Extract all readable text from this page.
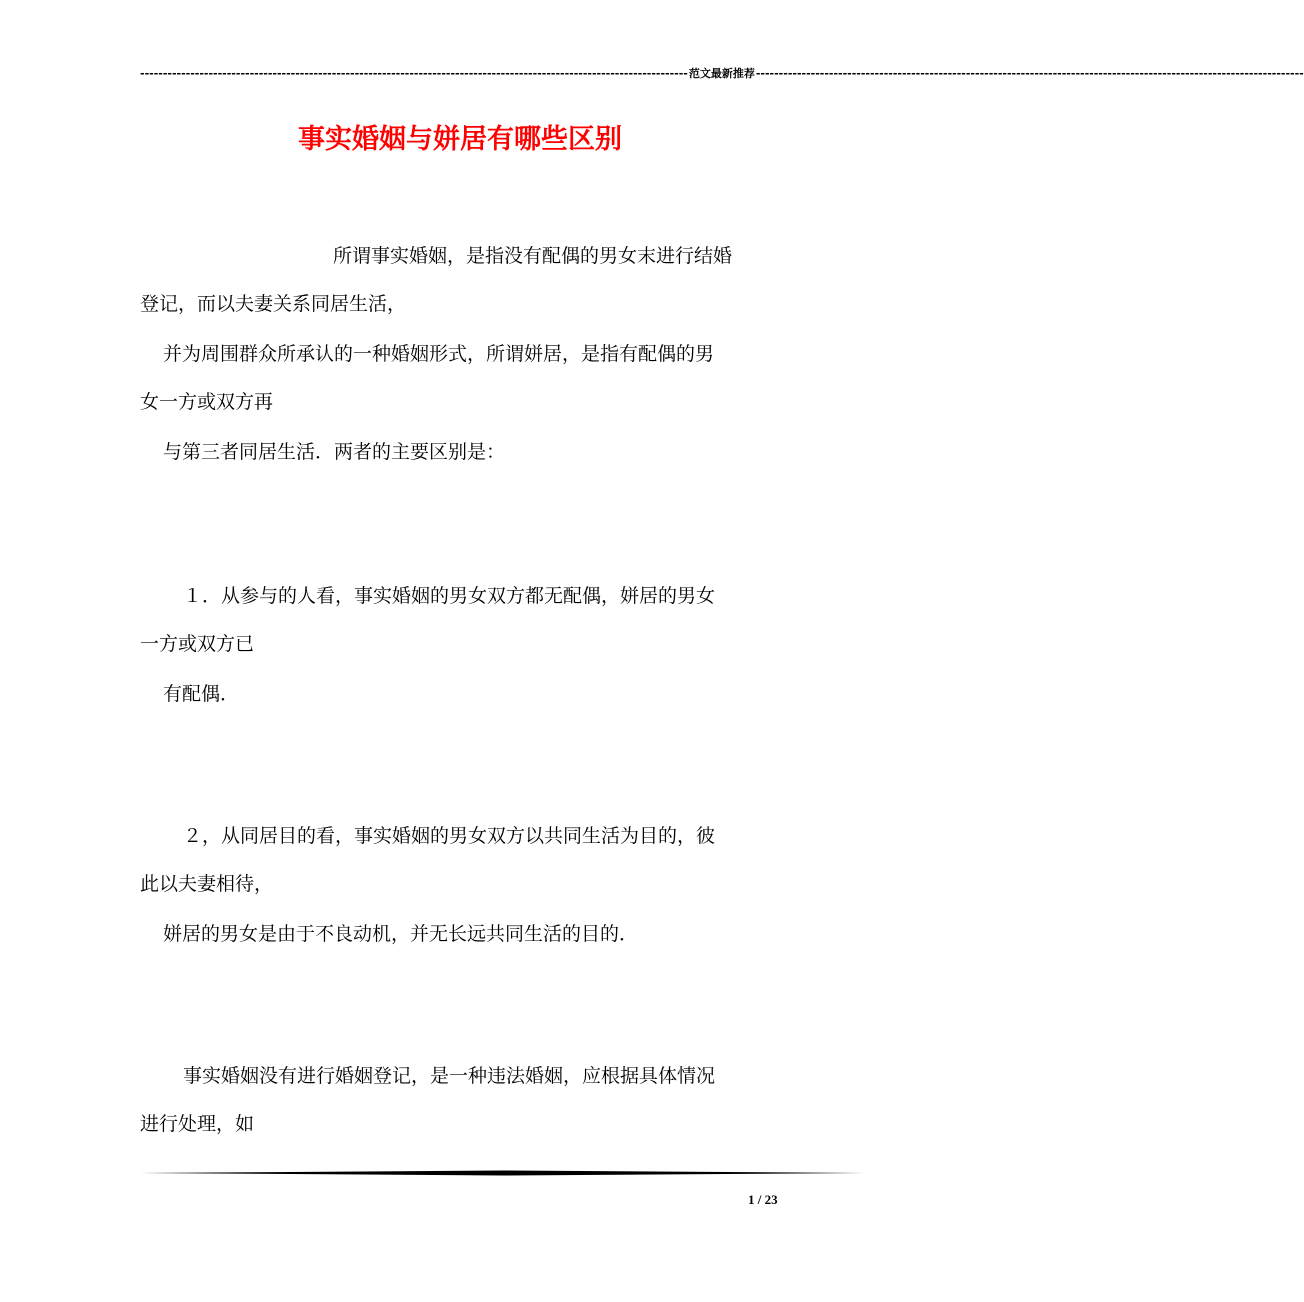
------------------------------------------------------------------------------------------------------------------------ 范文最新推荐 ------------------------------------------------------------------------------------------------------------------------
事实婚姻与姘居有哪些区别
所谓事实婚姻，是指没有配偶的男女末进行结婚
登记，而以夫妻关系同居生活，
并为周围群众所承认的一种婚姻形式，所谓姘居，是指有配偶的男
女一方或双方再
与第三者同居生活．两者的主要区别是：
１．从参与的人看，事实婚姻的男女双方都无配偶，姘居的男女
一方或双方已
有配偶．
２，从同居目的看，事实婚姻的男女双方以共同生活为目的，彼
此以夫妻相待，
姘居的男女是由于不良动机，并无长远共同生活的目的．
事实婚姻没有进行婚姻登记，是一种违法婚姻，应根据具体情况
进行处理，如
1 / 23
